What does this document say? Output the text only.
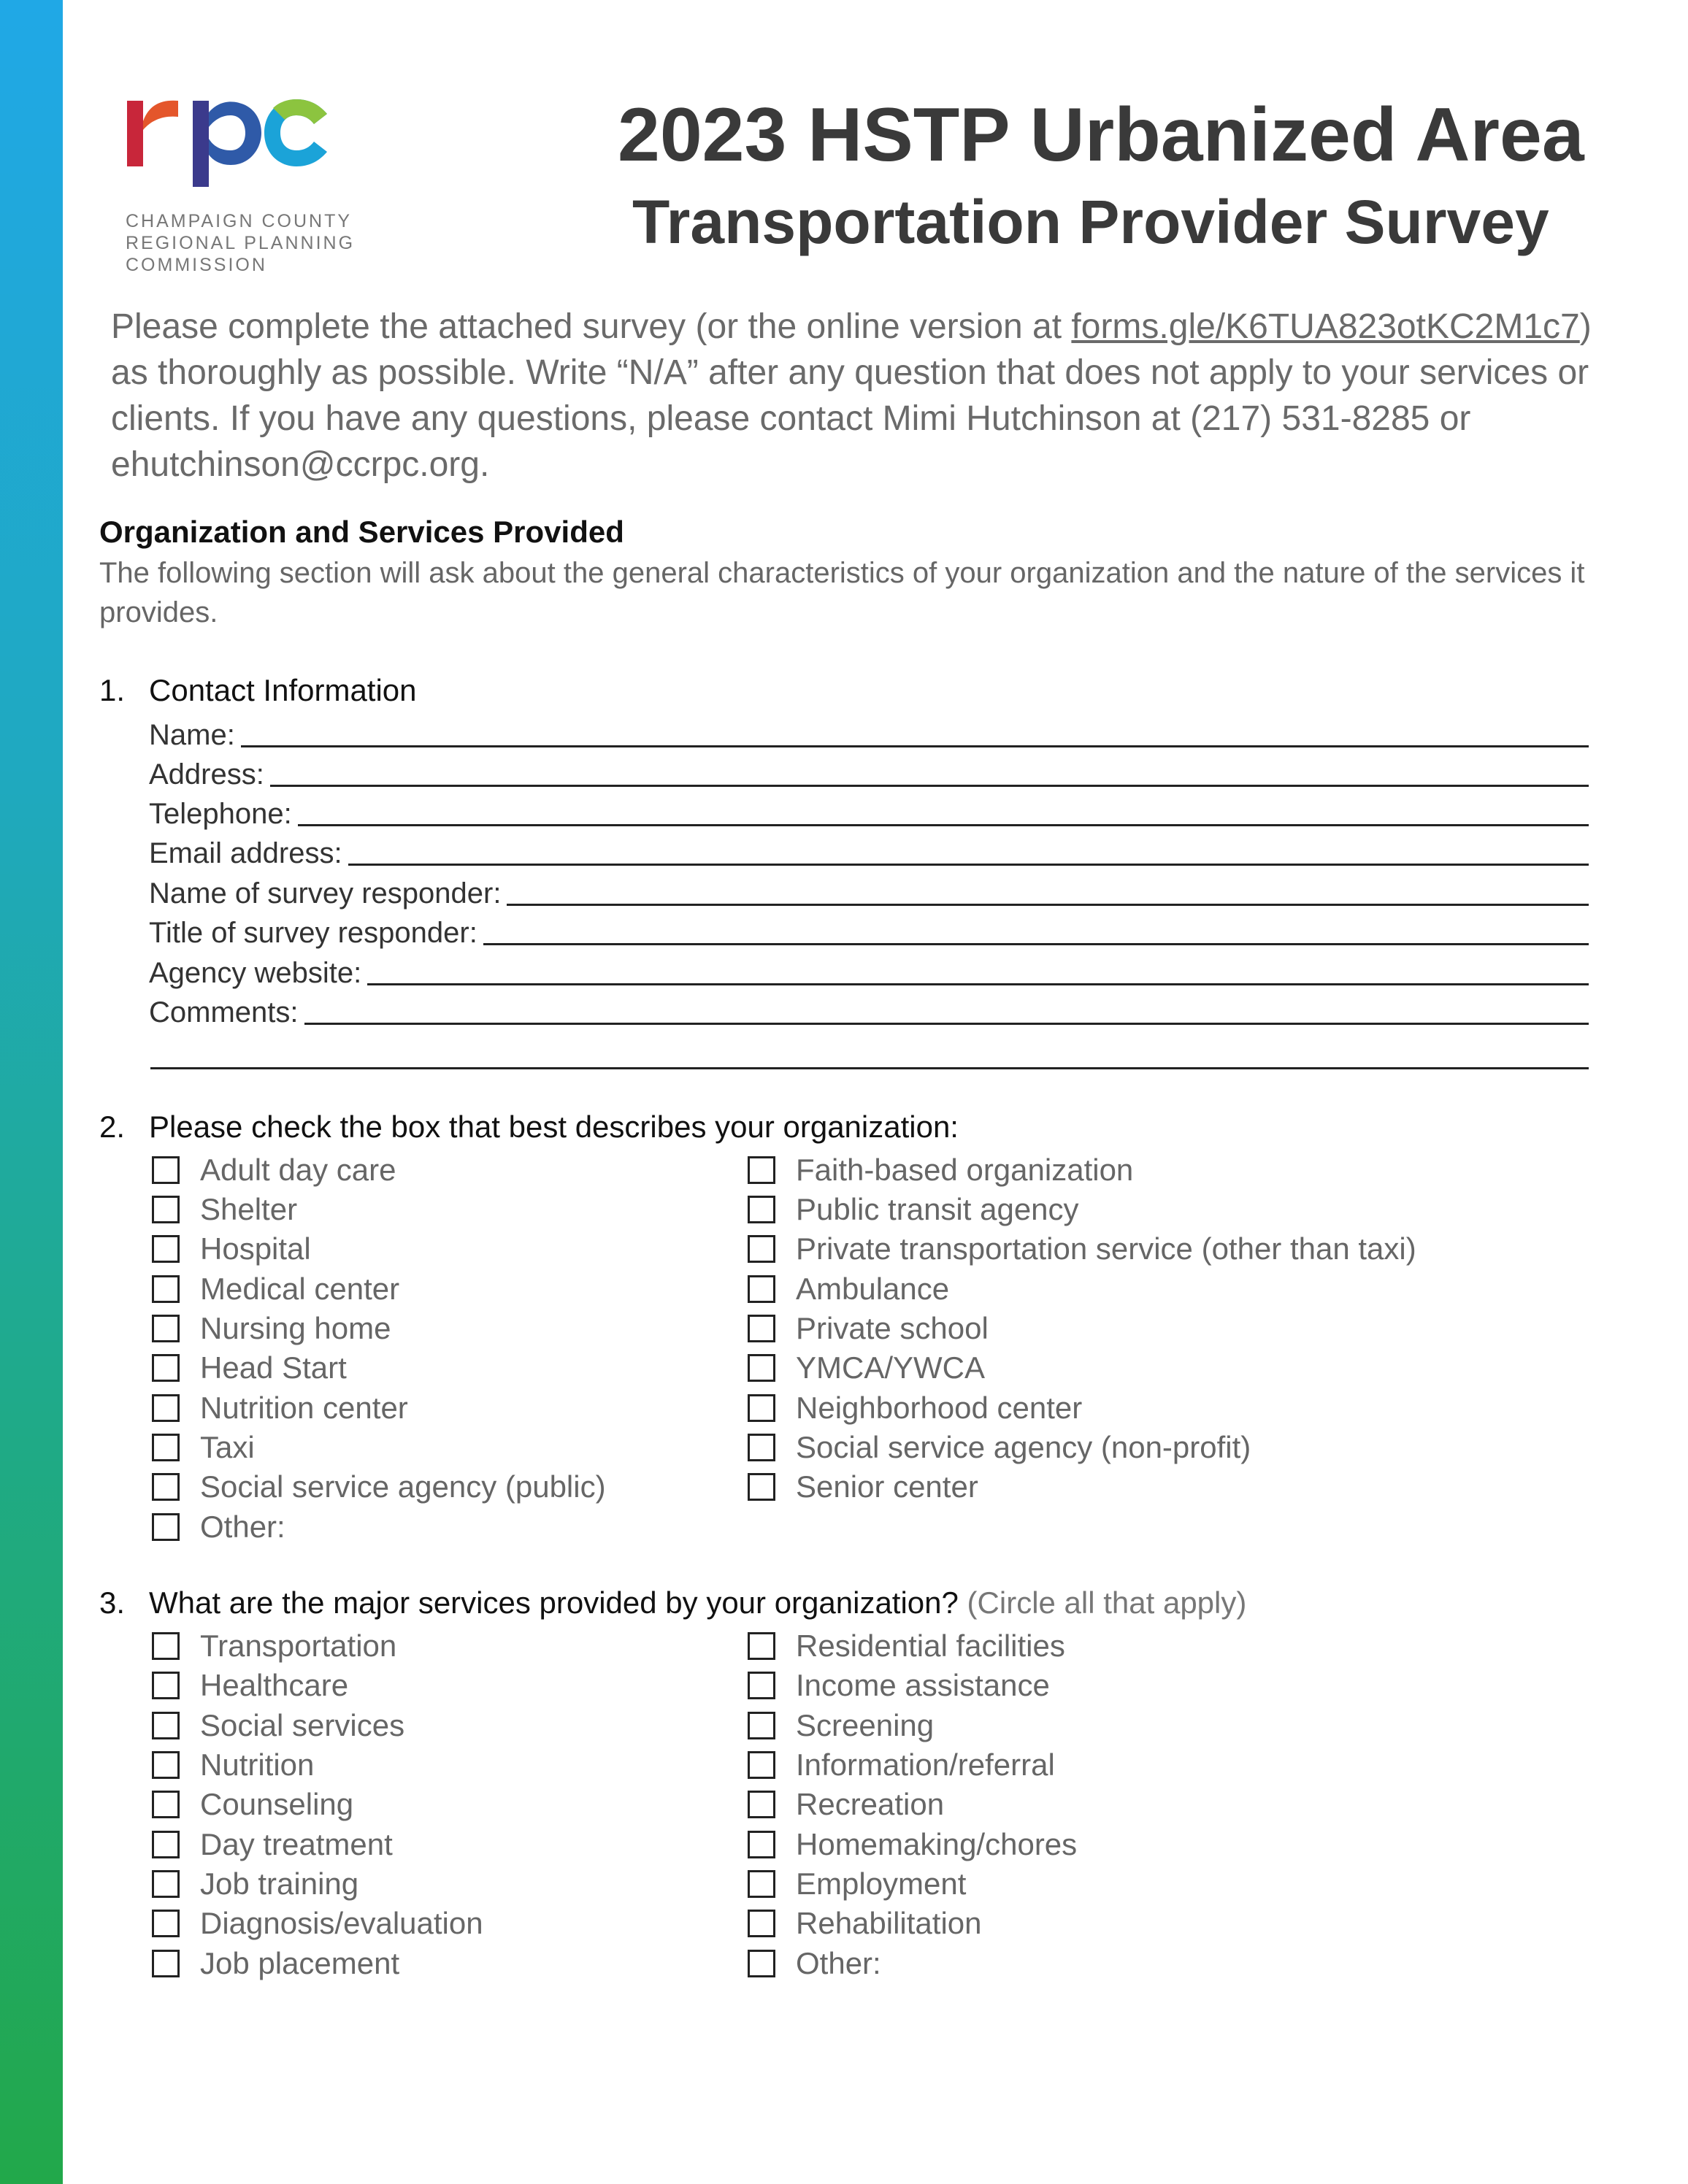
CHAMPAIGN COUNTY
REGIONAL PLANNING
COMMISSION
2023 HSTP Urbanized Area
Transportation Provider Survey
Please complete the attached survey (or the online version at forms.gle/K6TUA823otKC2M1c7) as thoroughly as possible. Write “N/A” after any question that does not apply to your services or clients. If you have any questions, please contact Mimi Hutchinson at (217) 531-8285 or ehutchinson@ccrpc.org.
Organization and Services Provided
The following section will ask about the general characteristics of your organization and the nature of the services it provides.
1. Contact Information
Name:
Address:
Telephone:
Email address:
Name of survey responder:
Title of survey responder:
Agency website:
Comments:
2. Please check the box that best describes your organization:
Adult day care
Shelter
Hospital
Medical center
Nursing home
Head Start
Nutrition center
Taxi
Social service agency (public)
Other:
Faith-based organization
Public transit agency
Private transportation service (other than taxi)
Ambulance
Private school
YMCA/YWCA
Neighborhood center
Social service agency (non-profit)
Senior center
3. What are the major services provided by your organization? (Circle all that apply)
Transportation
Healthcare
Social services
Nutrition
Counseling
Day treatment
Job training
Diagnosis/evaluation
Job placement
Residential facilities
Income assistance
Screening
Information/referral
Recreation
Homemaking/chores
Employment
Rehabilitation
Other:
